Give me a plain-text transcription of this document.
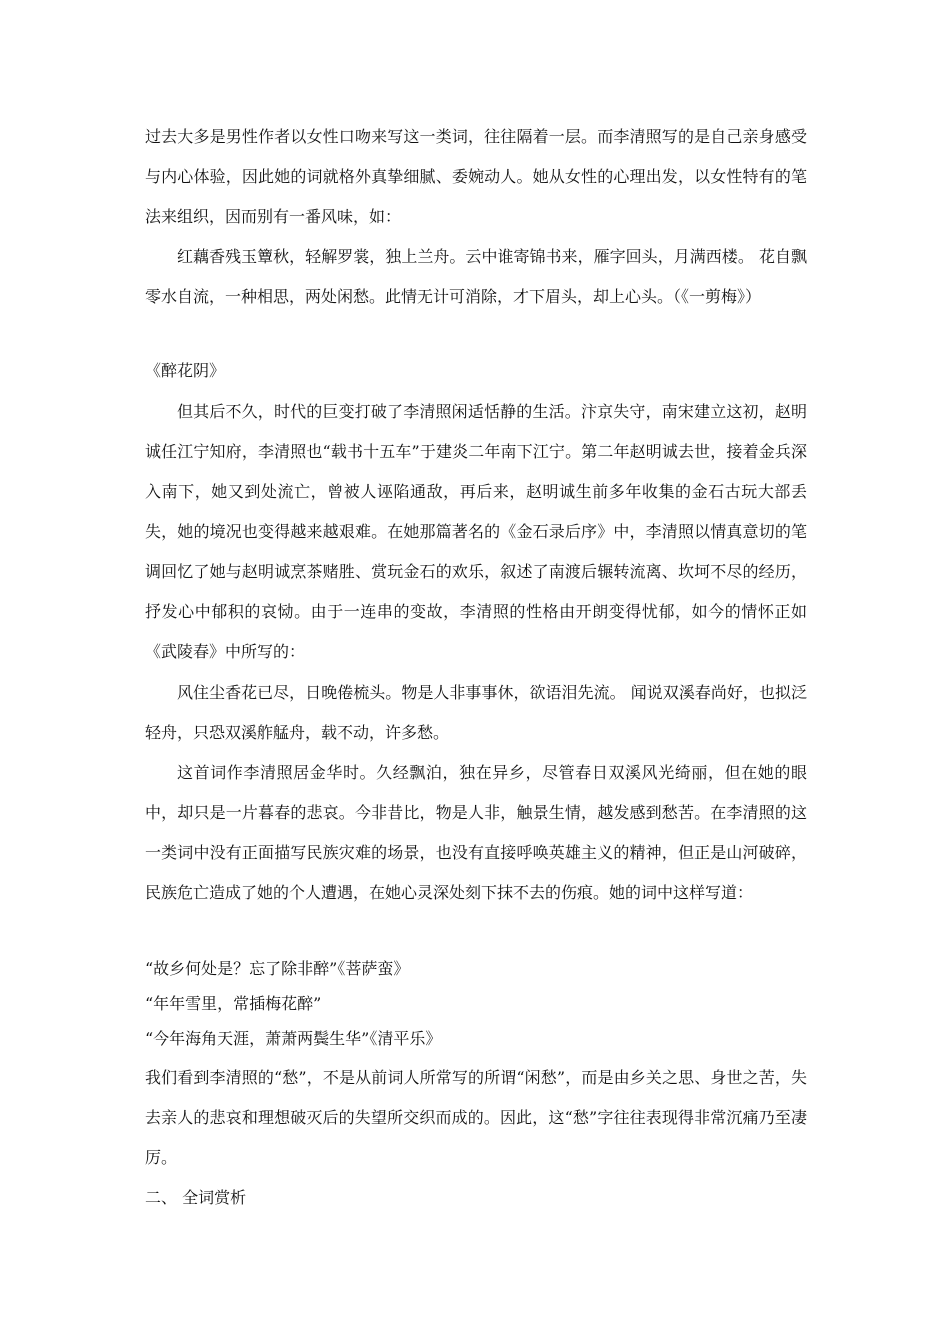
过去大多是男性作者以女性口吻来写这一类词，往往隔着一层。而李清照写的是自己亲身感受与内心体验，因此她的词就格外真挚细腻、委婉动人。她从女性的心理出发，以女性特有的笔法来组织，因而别有一番风味，如：

红藕香残玉簟秋，轻解罗裳，独上兰舟。云中谁寄锦书来，雁字回头，月满西楼。 花自飘零水自流，一种相思，两处闲愁。此情无计可消除，才下眉头，却上心头。（《一剪梅》）

《醉花阴》

但其后不久，时代的巨变打破了李清照闲适恬静的生活。汴京失守，南宋建立这初，赵明诚任江宁知府，李清照也“载书十五车”于建炎二年南下江宁。第二年赵明诚去世，接着金兵深入南下，她又到处流亡，曾被人诬陷通敌，再后来，赵明诚生前多年收集的金石古玩大部丢失，她的境况也变得越来越艰难。在她那篇著名的《金石录后序》中，李清照以情真意切的笔调回忆了她与赵明诚烹茶赌胜、赏玩金石的欢乐，叙述了南渡后辗转流离、坎坷不尽的经历，抒发心中郁积的哀恸。由于一连串的变故，李清照的性格由开朗变得忧郁，如今的情怀正如《武陵春》中所写的：

风住尘香花已尽，日晚倦梳头。物是人非事事休，欲语泪先流。 闻说双溪春尚好，也拟泛轻舟，只恐双溪舴艋舟，载不动，许多愁。

这首词作李清照居金华时。久经飘泊，独在异乡，尽管春日双溪风光绮丽，但在她的眼中，却只是一片暮春的悲哀。今非昔比，物是人非，触景生情，越发感到愁苦。在李清照的这一类词中没有正面描写民族灾难的场景，也没有直接呼唤英雄主义的精神，但正是山河破碎，民族危亡造成了她的个人遭遇，在她心灵深处刻下抹不去的伤痕。她的词中这样写道：

“故乡何处是？忘了除非醉”《菩萨蛮》

“年年雪里，常插梅花醉”

“今年海角天涯，萧萧两鬓生华”《清平乐》

我们看到李清照的“愁”，不是从前词人所常写的所谓“闲愁”，而是由乡关之思、身世之苦，失去亲人的悲哀和理想破灭后的失望所交织而成的。因此，这“愁”字往往表现得非常沉痛乃至凄厉。

二、 全词赏析
